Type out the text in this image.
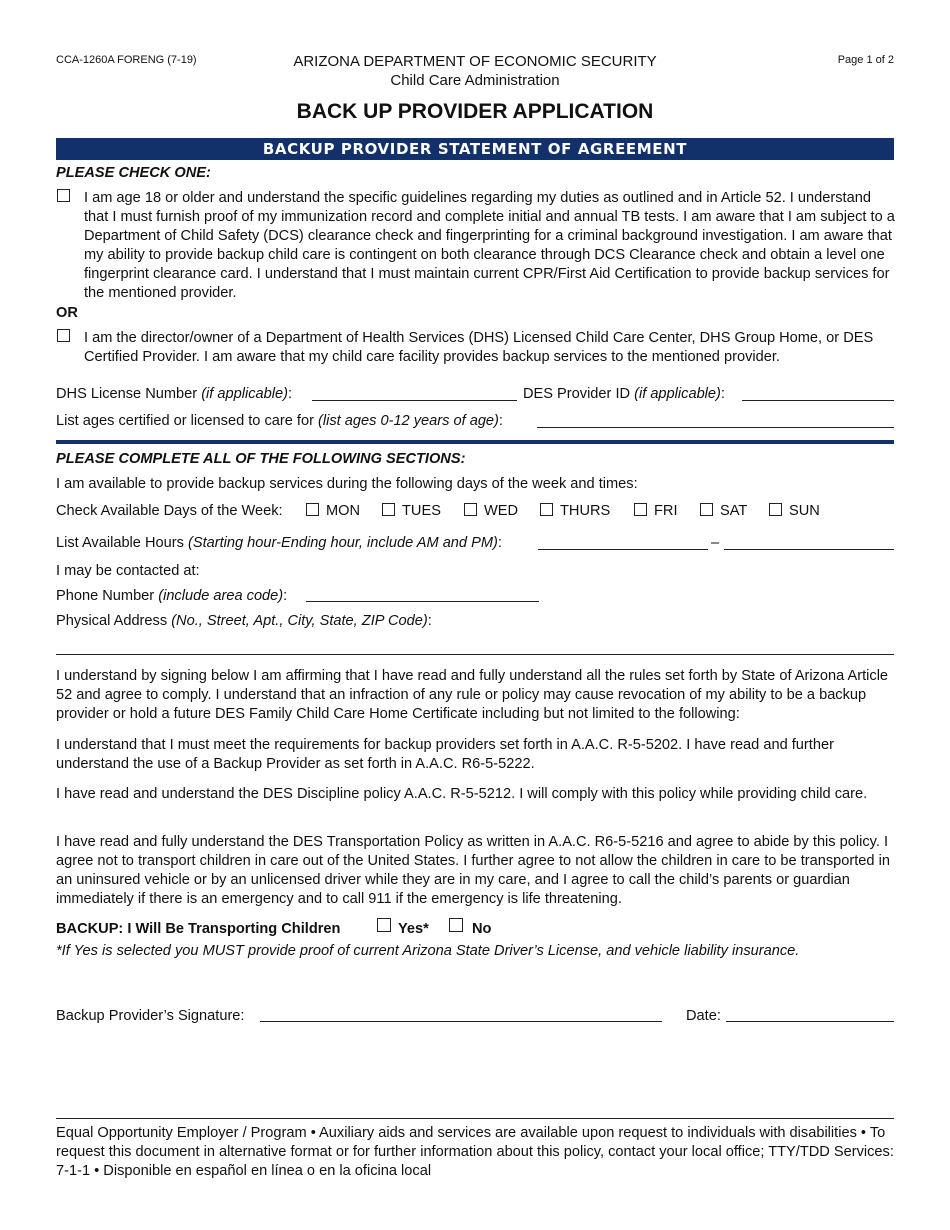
CCA-1260A FORENG (7-19)	ARIZONA DEPARTMENT OF ECONOMIC SECURITY
Child Care Administration
Page 1 of 2
BACK UP PROVIDER APPLICATION
BACKUP PROVIDER STATEMENT OF AGREEMENT
PLEASE CHECK ONE:
I am age 18 or older and understand the specific guidelines regarding my duties as outlined and in Article 52. I understand that I must furnish proof of my immunization record and complete initial and annual TB tests. I am aware that I am subject to a Department of Child Safety (DCS) clearance check and fingerprinting for a criminal background investigation. I am aware that my ability to provide backup child care is contingent on both clearance through DCS Clearance check and obtain a level one fingerprint clearance card. I understand that I must maintain current CPR/First Aid Certification to provide backup services for the mentioned provider.
OR
I am the director/owner of a Department of Health Services (DHS) Licensed Child Care Center, DHS Group Home, or DES Certified Provider. I am aware that my child care facility provides backup services to the mentioned provider.
DHS License Number (if applicable):	DES Provider ID (if applicable):
List ages certified or licensed to care for (list ages 0-12 years of age):
PLEASE COMPLETE ALL OF THE FOLLOWING SECTIONS:
I am available to provide backup services during the following days of the week and times:
Check Available Days of the Week:	MON	TUES	WED	THURS	FRI	SAT	SUN
List Available Hours (Starting hour-Ending hour, include AM and PM):	–
I may be contacted at:
Phone Number (include area code):
Physical Address (No., Street, Apt., City, State, ZIP Code):
I understand by signing below I am affirming that I have read and fully understand all the rules set forth by State of Arizona Article 52 and agree to comply. I understand that an infraction of any rule or policy may cause revocation of my ability to be a backup provider or hold a future DES Family Child Care Home Certificate including but not limited to the following:
I understand that I must meet the requirements for backup providers set forth in A.A.C. R-5-5202. I have read and further understand the use of a Backup Provider as set forth in A.A.C. R6-5-5222.
I have read and understand the DES Discipline policy A.A.C. R-5-5212. I will comply with this policy while providing child care.
I have read and fully understand the DES Transportation Policy as written in A.A.C. R6-5-5216 and agree to abide by this policy. I agree not to transport children in care out of the United States. I further agree to not allow the children in care to be transported in an uninsured vehicle or by an unlicensed driver while they are in my care, and I agree to call the child’s parents or guardian immediately if there is an emergency and to call 911 if the emergency is life threatening.
BACKUP: I Will Be Transporting Children	Yes*	No
*If Yes is selected you MUST provide proof of current Arizona State Driver’s License, and vehicle liability insurance.
Backup Provider’s Signature:	Date:
Equal Opportunity Employer / Program • Auxiliary aids and services are available upon request to individuals with disabilities • To request this document in alternative format or for further information about this policy, contact your local office; TTY/TDD Services: 7-1-1 • Disponible en español en línea o en la oficina local
